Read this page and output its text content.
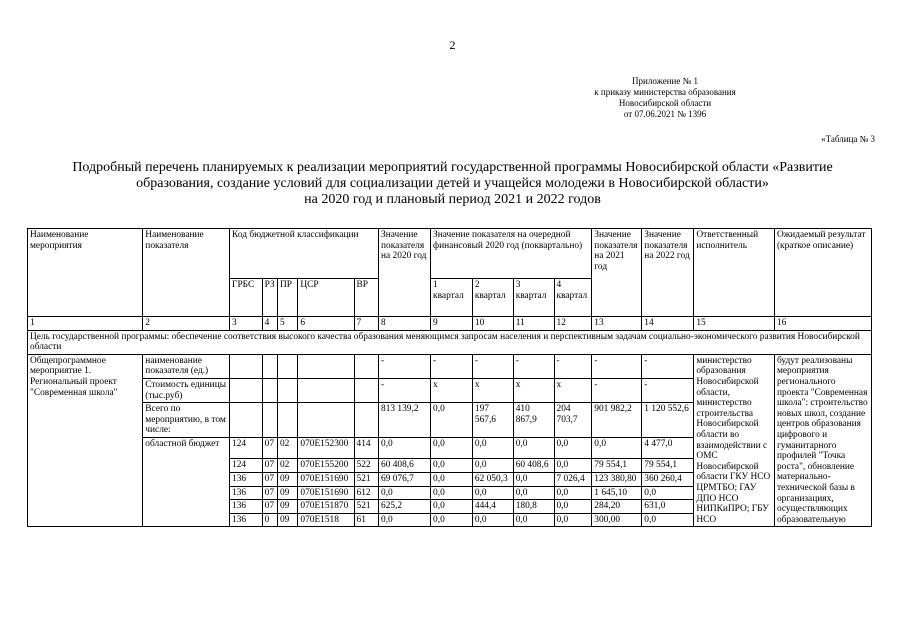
2
Приложение № 1
к приказу министерства образования
Новосибирской области
от 07.06.2021 № 1396
«Таблица № 3
Подробный перечень планируемых к реализации мероприятий государственной программы Новосибирской области «Развитие
образования, создание условий для социализации детей и учащейся молодежи в Новосибирской области»
на 2020 год и плановый период 2021 и 2022 годов
Наименование мероприятия	Наименование показателя	Код бюджетной классификации					Значение показателя на 2020 год	Значение показателя на очередной финансовый 2020 год (поквартально)				Значение показателя на 2021 год	Значение показателя на 2022 год	Ответственный исполнитель	Ожидаемый результат (краткое описание)
		ГРБС	РЗ	ПР	ЦСР	ВР		1 квартал	2 квартал	3 квартал	4 квартал				
1	2	3	4	5	6	7	8	9	10	11	12	13	14	15	16
Цель государственной программы: обеспечение соответствия высокого качества образования меняющимся запросам населения и перспективным задачам социально-экономического развития Новосибирской области															
Общепрограммное мероприятие 1. Региональный проект "Современная школа"	наименование показателя (ед.)						-	-	-	-	-	-	-	министерство образования Новосибирской области, министерство строительства Новосибирской области во взаимодействии с ОМС Новосибирской области ГКУ НСО ЦРМТБО; ГАУ ДПО НСО НИПКиПРО; ГБУ НСО	будут реализованы мероприятия регионального проекта "Современная школа": строительство новых школ, создание центров образования цифрового и гуманитарного профилей "Точка роста", обновление материально-технической базы в организациях, осуществляющих образовательную
	Стоимость единицы (тыс.руб)						-	x	x	x	x	-	-		
	Всего по мероприятию, в том числе:						813 139,2	0,0	197 567,6	410 867,9	204 703,7	901 982,2	1 120 552,6		
	областной бюджет	124	07	02	070E152300	414	0,0	0,0	0,0	0,0	0,0	0,0	4 477,0		
		124	07	02	070E155200	522	60 408,6	0,0	0,0	60 408,6	0,0	79 554,1	79 554,1		
		136	07	09	070E151690	521	69 076,7	0,0	62 050,3	0,0	7 026,4	123 380,80	360 260,4		
		136	07	09	070E151690	612	0,0	0,0	0,0	0,0	0,0	1 645,10	0,0		
		136	07	09	070E151870	521	625,2	0,0	444,4	180,8	0,0	284,20	631,0		
		136	0	09	070E1518	61	0,0	0,0	0,0	0,0	0,0	300,00	0,0		
